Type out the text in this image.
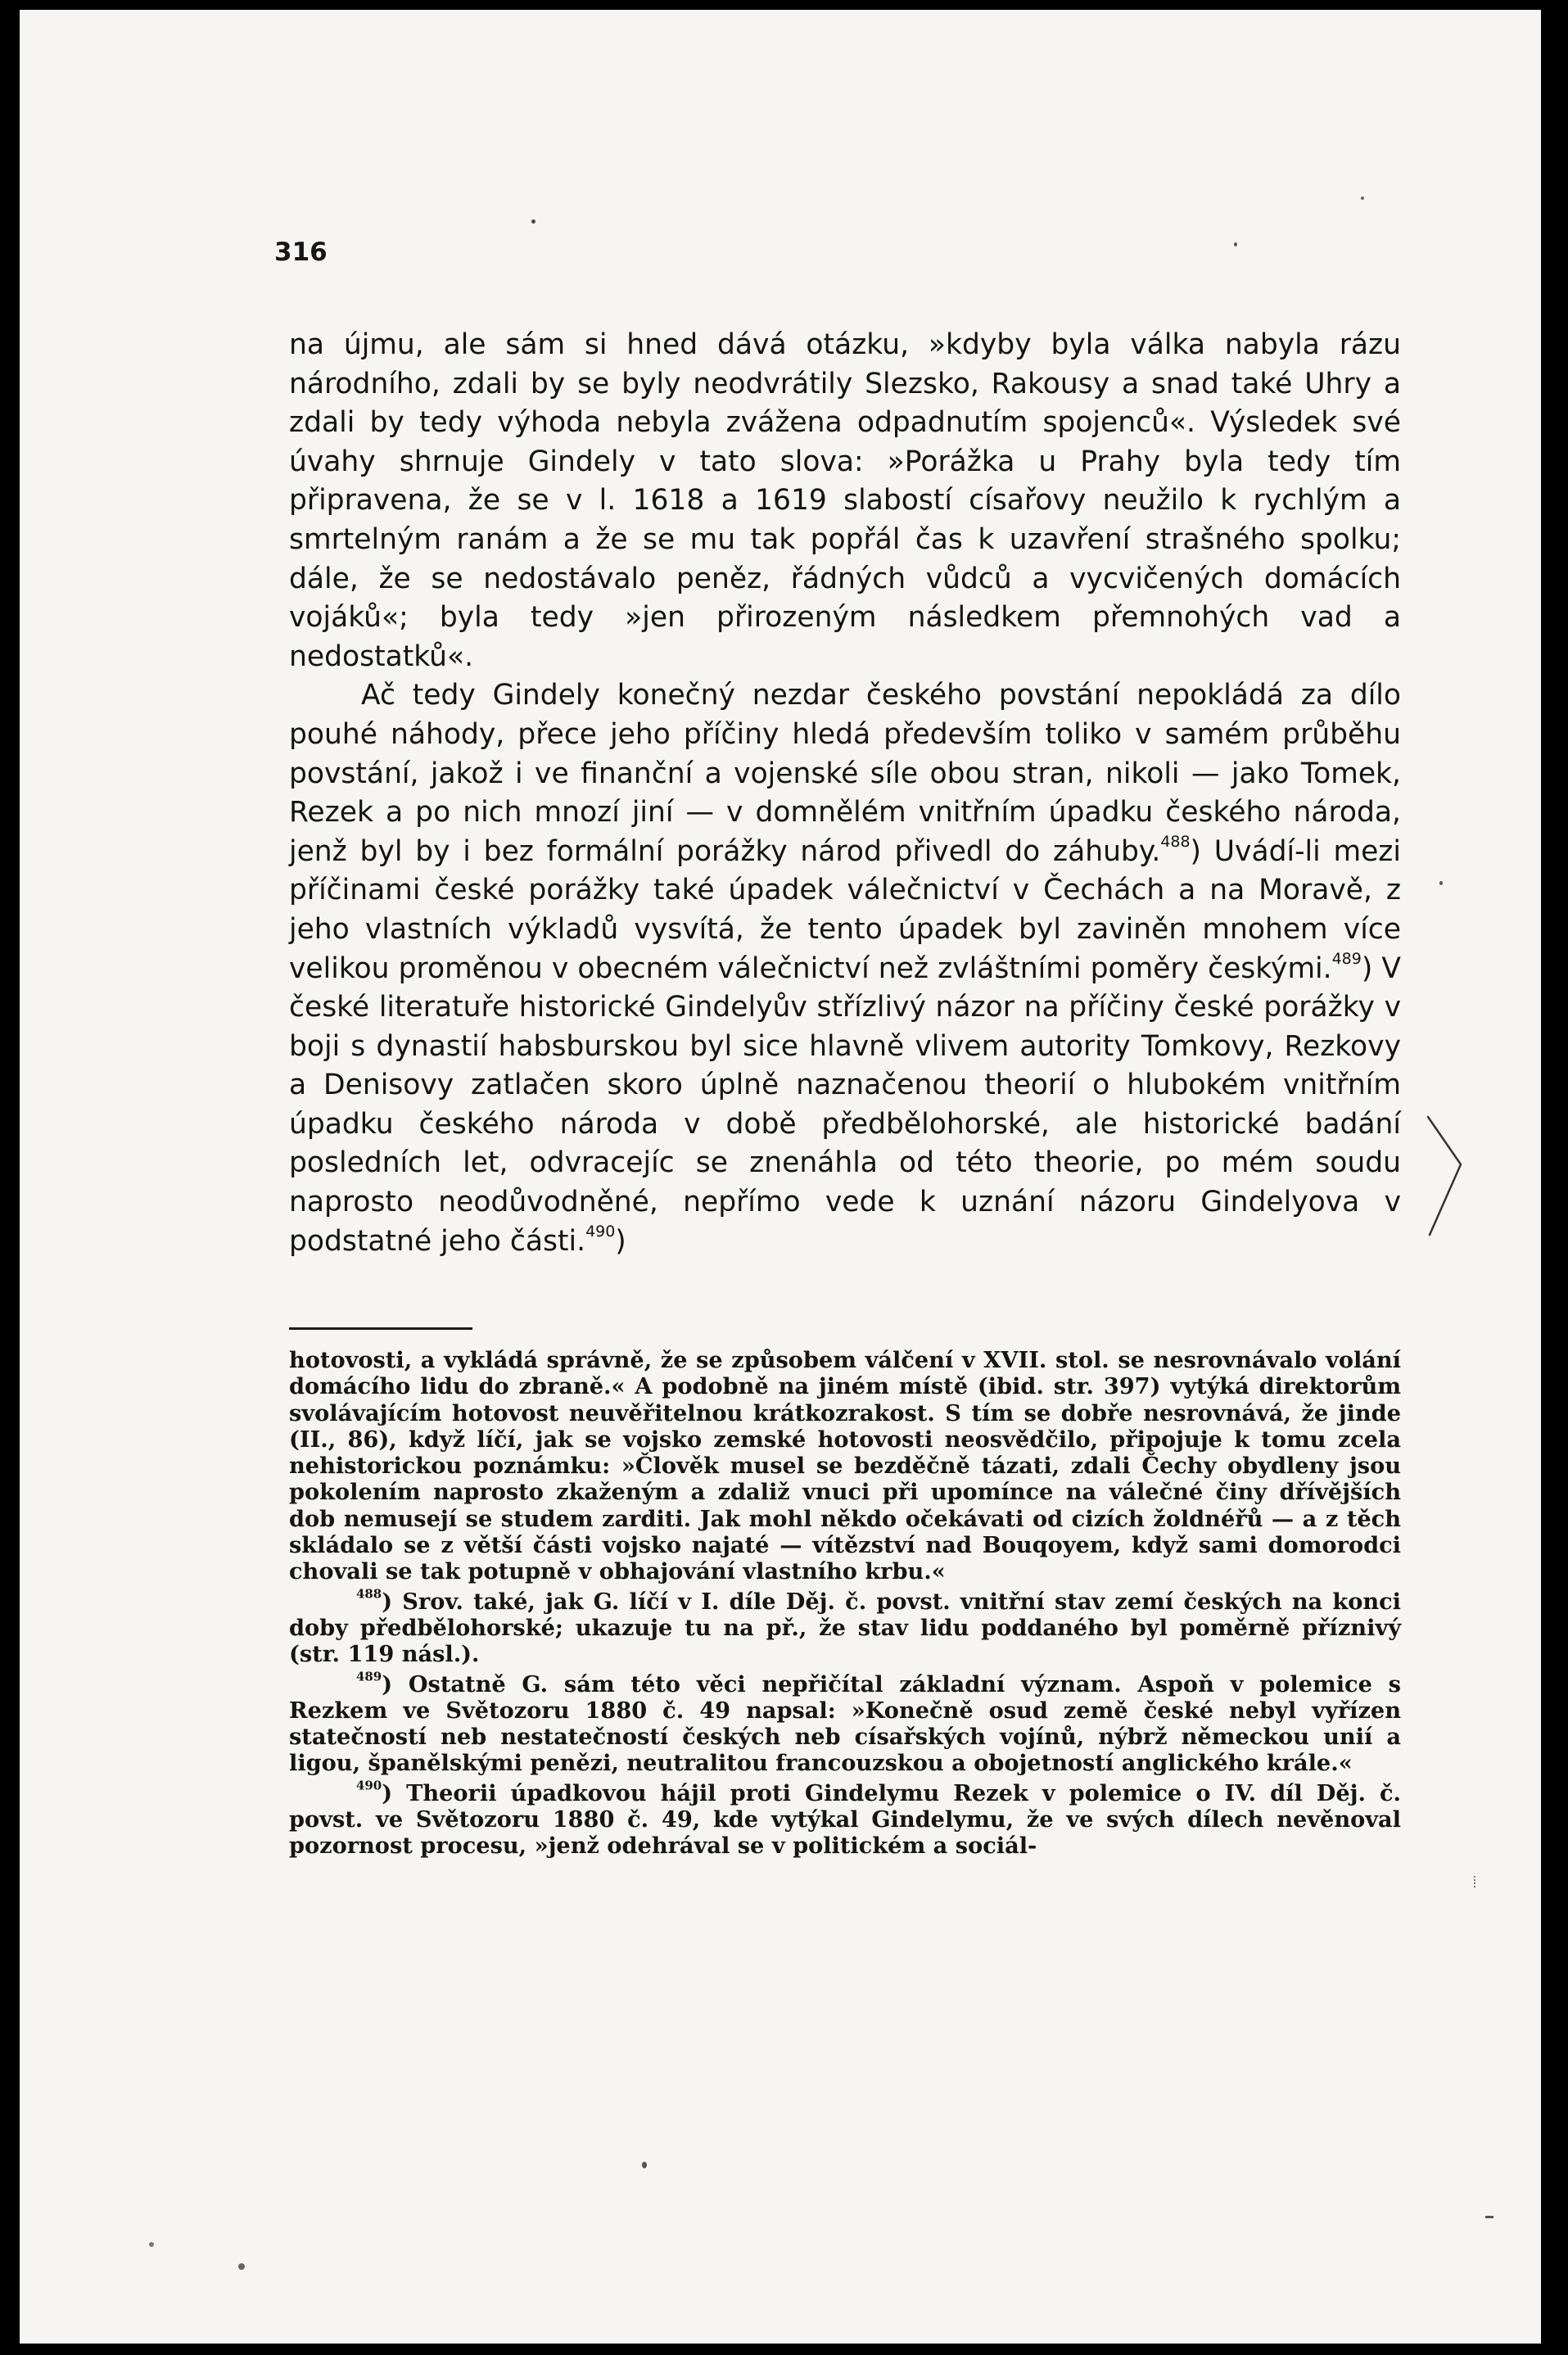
316

na újmu, ale sám si hned dává otázku, »kdyby byla válka nabyla rázu národního, zdali by se byly neodvrátily Slezsko, Rakousy a snad také Uhry a zdali by tedy výhoda nebyla zvážena odpadnutím spojenců«. Výsledek své úvahy shrnuje Gindely v tato slova: »Porážka u Prahy byla tedy tím připravena, že se v l. 1618 a 1619 slabostí císařovy neužilo k rychlým a smrtelným ranám a že se mu tak popřál čas k uzavření strašného spolku; dále, že se nedostávalo peněz, řádných vůdců a vycvičených domácích vojáků«; byla tedy »jen přirozeným následkem přemnohých vad a nedostatků«.

Ač tedy Gindely konečný nezdar českého povstání nepokládá za dílo pouhé náhody, přece jeho příčiny hledá především toliko v samém průběhu povstání, jakož i ve finanční a vojenské síle obou stran, nikoli — jako Tomek, Rezek a po nich mnozí jiní — v domnělém vnitřním úpadku českého národa, jenž byl by i bez formální porážky národ přivedl do záhuby.$^{488}$) Uvádí-li mezi příčinami české porážky také úpadek válečnictví v Čechách a na Moravě, z jeho vlastních výkladů vysvítá, že tento úpadek byl zaviněn mnohem více velikou proměnou v obecném válečnictví než zvláštními poměry českými.$^{489}$) V české literatuře historické Gindelyův střízlivý názor na příčiny české porážky v boji s dynastií habsburskou byl sice hlavně vlivem autority Tomkovy, Rezkovy a Denisovy zatlačen skoro úplně naznačenou theorií o hlubokém vnitřním úpadku českého národa v době předbělohorské, ale historické badání posledních let, odvracejíc se znenáhla od této theorie, po mém soudu naprosto neodůvodněné, nepřímo vede k uznání názoru Gindelyova v podstatné jeho části.$^{490}$)

hotovosti, a vykládá správně, že se způsobem válčení v XVII. stol. se nesrovnávalo volání domácího lidu do zbraně.« A podobně na jiném místě (ibid. str. 397) vytýká direktorům svolávajícím hotovost neuvěřitelnou krátkozrakost. S tím se dobře nesrovnává, že jinde (II., 86), když líčí, jak se vojsko zemské hotovosti neosvědčilo, připojuje k tomu zcela nehistorickou poznámku: »Člověk musel se bezděčně tázati, zdali Čechy obydleny jsou pokolením naprosto zkaženým a zdaliž vnuci při upomínce na válečné činy dřívějších dob nemusejí se studem zarditi. Jak mohl někdo očekávati od cizích žoldnéřů — a z těch skládalo se z větší části vojsko najaté — vítězství nad Bouqoyem, když sami domorodci chovali se tak potupně v obhajování vlastního krbu.«

$^{488}$) Srov. také, jak G. líčí v I. díle Děj. č. povst. vnitřní stav zemí českých na konci doby předbělohorské; ukazuje tu na př., že stav lidu poddaného byl poměrně příznivý (str. 119 násl.).

$^{489}$) Ostatně G. sám této věci nepřičítal základní význam. Aspoň v polemice s Rezkem ve Světozoru 1880 č. 49 napsal: »Konečně osud země české nebyl vyřízen statečností neb nestatečností českých neb císařských vojínů, nýbrž německou unií a ligou, španělskými penězi, neutralitou francouzskou a obojetností anglického krále.«

$^{490}$) Theorii úpadkovou hájil proti Gindelymu Rezek v polemice o IV. díl Děj. č. povst. ve Světozoru 1880 č. 49, kde vytýkal Gindelymu, že ve svých dílech nevěnoval pozornost procesu, »jenž odehrával se v politickém a sociál-
